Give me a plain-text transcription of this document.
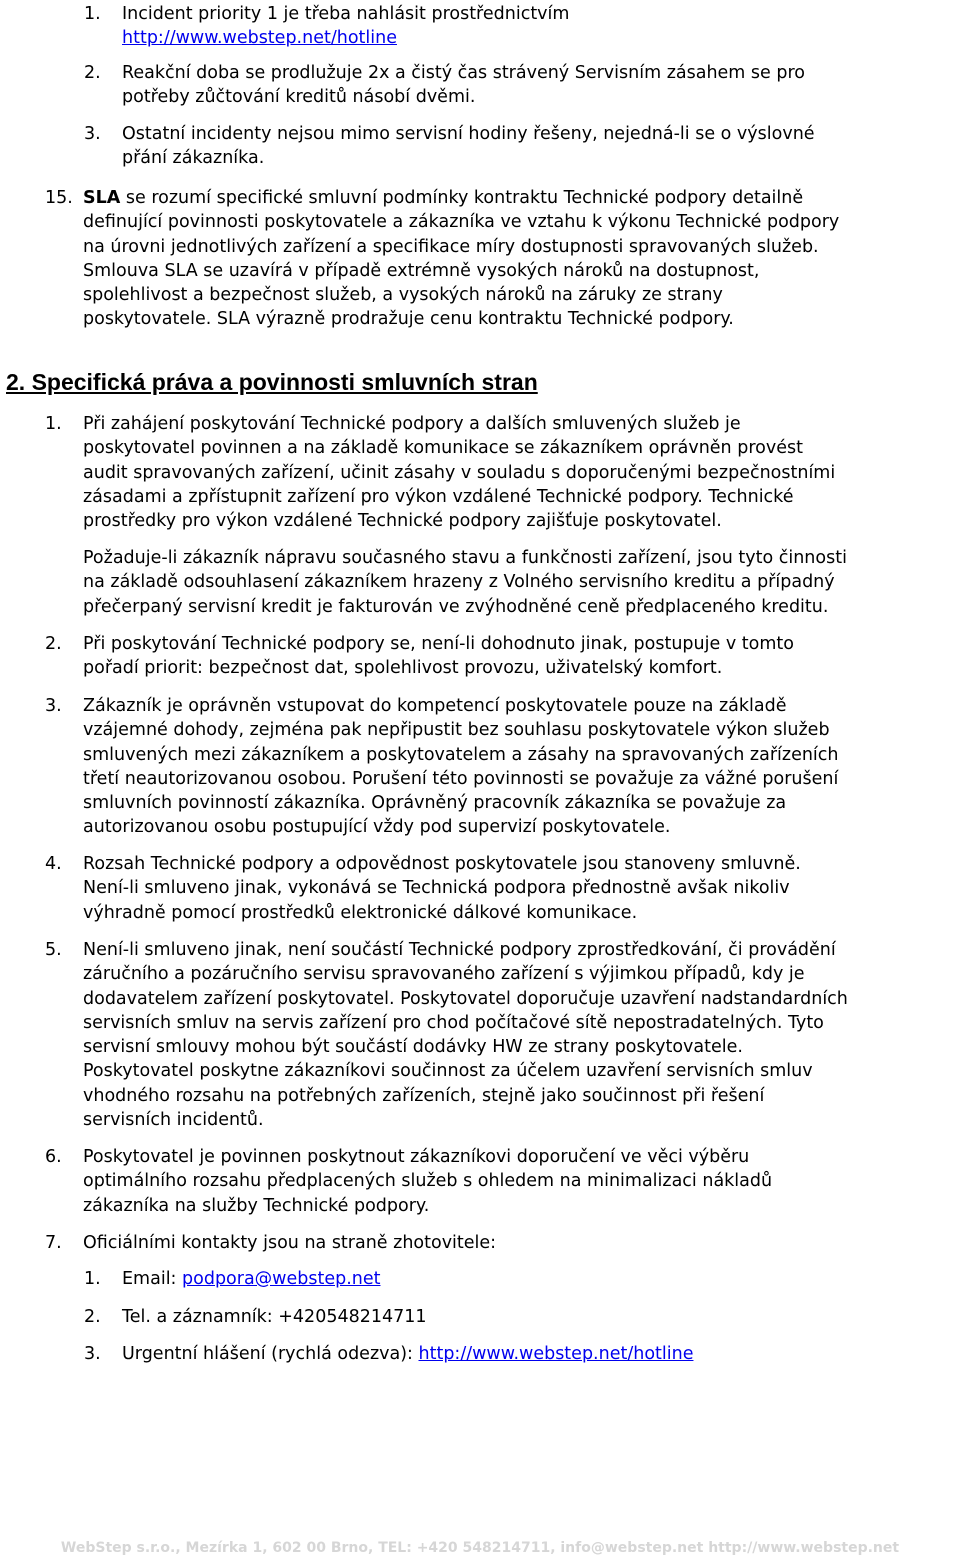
1. Incident priority 1 je třeba nahlásit prostřednictvím
http://www.webstep.net/hotline
2. Reakční doba se prodlužuje 2x a čistý čas strávený Servisním zásahem se pro
potřeby zůčtování kreditů násobí dvěmi.
3. Ostatní incidenty nejsou mimo servisní hodiny řešeny, nejedná-li se o výslovné
přání zákazníka.
15. SLA se rozumí specifické smluvní podmínky kontraktu Technické podpory detailně
definující povinnosti poskytovatele a zákazníka ve vztahu k výkonu Technické podpory
na úrovni jednotlivých zařízení a specifikace míry dostupnosti spravovaných služeb.
Smlouva SLA se uzavírá v případě extrémně vysokých nároků na dostupnost,
spolehlivost a bezpečnost služeb, a vysokých nároků na záruky ze strany
poskytovatele. SLA výrazně prodražuje cenu kontraktu Technické podpory.
2. Specifická práva a povinnosti smluvních stran
1. Při zahájení poskytování Technické podpory a dalších smluvených služeb je
poskytovatel povinnen a na základě komunikace se zákazníkem oprávněn provést
audit spravovaných zařízení, učinit zásahy v souladu s doporučenými bezpečnostními
zásadami a zpřístupnit zařízení pro výkon vzdálené Technické podpory. Technické
prostředky pro výkon vzdálené Technické podpory zajišťuje poskytovatel.
Požaduje-li zákazník nápravu současného stavu a funkčnosti zařízení, jsou tyto činnosti
na základě odsouhlasení zákazníkem hrazeny z Volného servisního kreditu a případný
přečerpaný servisní kredit je fakturován ve zvýhodněné ceně předplaceného kreditu.
2. Při poskytování Technické podpory se, není-li dohodnuto jinak, postupuje v tomto
pořadí priorit: bezpečnost dat, spolehlivost provozu, uživatelský komfort.
3. Zákazník je oprávněn vstupovat do kompetencí poskytovatele pouze na základě
vzájemné dohody, zejména pak nepřipustit bez souhlasu poskytovatele výkon služeb
smluvených mezi zákazníkem a poskytovatelem a zásahy na spravovaných zařízeních
třetí neautorizovanou osobou. Porušení této povinnosti se považuje za vážné porušení
smluvních povinností zákazníka. Oprávněný pracovník zákazníka se považuje za
autorizovanou osobu postupující vždy pod supervizí poskytovatele.
4. Rozsah Technické podpory a odpovědnost poskytovatele jsou stanoveny smluvně.
Není-li smluveno jinak, vykonává se Technická podpora přednostně avšak nikoliv
výhradně pomocí prostředků elektronické dálkové komunikace.
5. Není-li smluveno jinak, není součástí Technické podpory zprostředkování, či provádění
záručního a pozáručního servisu spravovaného zařízení s výjimkou případů, kdy je
dodavatelem zařízení poskytovatel. Poskytovatel doporučuje uzavření nadstandardních
servisních smluv na servis zařízení pro chod počítačové sítě nepostradatelných. Tyto
servisní smlouvy mohou být součástí dodávky HW ze strany poskytovatele.
Poskytovatel poskytne zákazníkovi součinnost za účelem uzavření servisních smluv
vhodného rozsahu na potřebných zařízeních, stejně jako součinnost při řešení
servisních incidentů.
6. Poskytovatel je povinnen poskytnout zákazníkovi doporučení ve věci výběru
optimálního rozsahu předplacených služeb s ohledem na minimalizaci nákladů
zákazníka na služby Technické podpory.
7. Oficiálními kontakty jsou na straně zhotovitele:
1. Email: podpora@webstep.net
2. Tel. a záznamník: +420548214711
3. Urgentní hlášení (rychlá odezva): http://www.webstep.net/hotline
WebStep s.r.o., Mezírka 1, 602 00 Brno, TEL: +420 548214711, info@webstep.net http://www.webstep.net
